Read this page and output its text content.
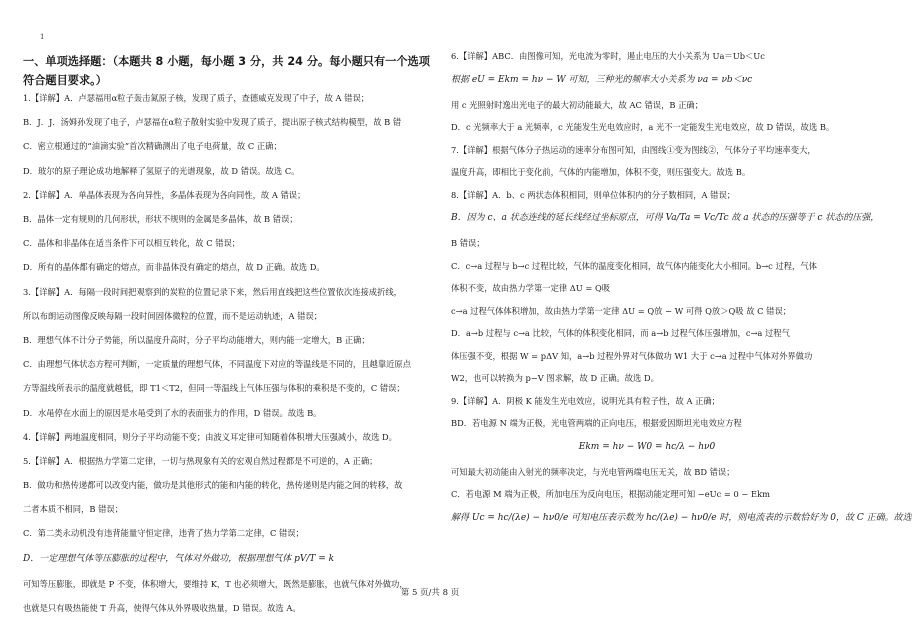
1
一、单项选择题：（本题共 8 小题，每小题 3 分，共 24 分。每小题只有一个选项符合题目要求。）
1.【详解】A．卢瑟福用α粒子轰击氮原子核，发现了质子，查德威克发现了中子，故 A 错误；
B．J．J．汤姆孙发现了电子，卢瑟福在α粒子散射实验中发现了质子，提出原子核式结构模型，故 B 错
C．密立根通过的“油滴实验”首次精确测出了电子电荷量，故 C 正确；
D．玻尔的原子理论成功地解释了氢原子的光谱现象，故 D 错误。故选 C。
2.【详解】A．单晶体表现为各向异性，多晶体表现为各向同性，故 A 错误；
B．晶体一定有规则的几何形状，形状不规则的金属是多晶体，故 B 错误；
C．晶体和非晶体在适当条件下可以相互转化，故 C 错误；
D．所有的晶体都有确定的熔点，而非晶体没有确定的熔点，故 D 正确。故选 D。
3.【详解】A．每隔一段时间把观察到的炭粒的位置记录下来，然后用直线把这些位置依次连接成折线，
所以布朗运动图像反映每隔一段时间固体微粒的位置，而不是运动轨迹，A 错误；
B．理想气体不计分子势能，所以温度升高时，分子平均动能增大，则内能一定增大，B 正确；
C．由理想气体状态方程可判断，一定质量的理想气体，不同温度下对应的等温线是不同的，且越靠近原点
方等温线所表示的温度就越低，即 T1＜T2，但同一等温线上气体压强与体积的乘积是不变的，C 错误；
D．水黾停在水面上的原因是水黾受到了水的表面张力的作用，D 错误。故选 B。
4.【详解】两地温度相同，则分子平均动能不变；由波义耳定律可知随着体积增大压强减小，故选 D。
5.【详解】A．根据热力学第二定律，一切与热现象有关的宏观自然过程都是不可逆的，A 正确；
B．做功和热传递都可以改变内能，做功是其他形式的能和内能的转化，热传递则是内能之间的转移，故
二者本质不相同，B 错误；
C．第二类永动机没有违背能量守恒定律，违背了热力学第二定律，C 错误；
D．一定理想气体等压膨胀的过程中，气体对外做功，根据理想气体 pV/T = k
可知等压膨胀，即就是 P 不变，体积增大，要维持 K，T 也必须增大，既然是膨胀，也就气体对外做功，
也就是只有吸热能使 T 升高，使得气体从外界吸收热量，D 错误。故选 A。
6.【详解】ABC．由图像可知，光电流为零时，遏止电压的大小关系为 Ua＝Ub＜Uc
根据 eU = Ekm = hν − W 可知，三种光的频率大小关系为 νa = νb＜νc
用 c 光照射时逸出光电子的最大初动能最大，故 AC 错误，B 正确；
D．c 光频率大于 a 光频率，c 光能发生光电效应时，a 光不一定能发生光电效应，故 D 错误，故选 B。
7.【详解】根据气体分子热运动的速率分布图可知，由图线①变为图线②，气体分子平均速率变大，
温度升高，即相比于变化前，气体的内能增加，体积不变，则压强变大。故选 B。
8.【详解】A．b、c 两状态体积相同，则单位体积内的分子数相同，A 错误；
B．因为 c、a 状态连线的延长线经过坐标原点，可得 Va/Ta = Vc/Tc 故 a 状态的压强等于 c 状态的压强，
B 错误；
C．c→a 过程与 b→c 过程比较，气体的温度变化相同，故气体内能变化大小相同。b→c 过程，气体
体积不变，故由热力学第一定律 ΔU = Q吸
c→a 过程气体体积增加，故由热力学第一定律 ΔU = Q放 − W 可得 Q放＞Q吸 故 C 错误；
D．a→b 过程与 c→a 比较，气体的体积变化相同，而 a→b 过程气体压强增加，c→a 过程气
体压强不变，根据 W = pΔV 知，a→b 过程外界对气体做功 W1 大于 c→a 过程中气体对外界做功
W2，也可以转换为 p−V 图求解，故 D 正确。故选 D。
9.【详解】A．阴极 K 能发生光电效应，说明光具有粒子性，故 A 正确；
BD．若电源 N 端为正极，光电管两端的正向电压，根据爱因斯坦光电效应方程
Ekm = hν − W0 = hc/λ − hν0
可知最大初动能由入射光的频率决定，与光电管两端电压无关，故 BD 错误；
C．若电源 M 端为正极，所加电压为反向电压，根据动能定理可知 −eUc = 0 − Ekm
解得 Uc = hc/(λe) − hν0/e 可知电压表示数为 hc/(λe) − hν0/e 时，则电流表的示数恰好为 0，故 C 正确。故选
第 5 页/共 8 页
